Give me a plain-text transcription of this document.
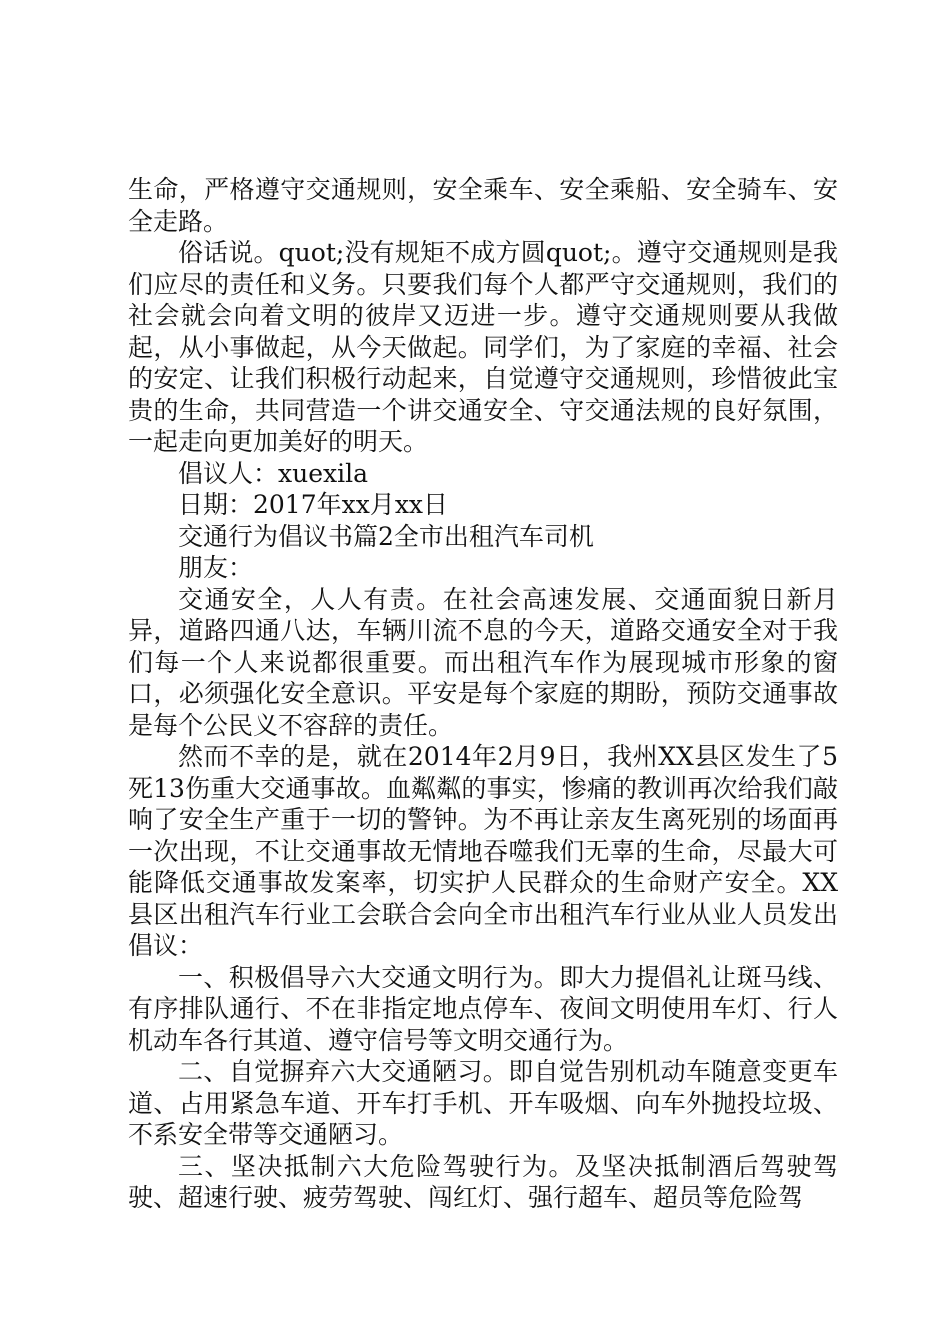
生命，严格遵守交通规则，安全乘车、安全乘船、安全骑车、安全走路。

俗话说。quot;没有规矩不成方圆quot;。遵守交通规则是我们应尽的责任和义务。只要我们每个人都严守交通规则，我们的社会就会向着文明的彼岸又迈进一步。遵守交通规则要从我做起，从小事做起，从今天做起。同学们，为了家庭的幸福、社会的安定、让我们积极行动起来，自觉遵守交通规则，珍惜彼此宝贵的生命，共同营造一个讲交通安全、守交通法规的良好氛围，一起走向更加美好的明天。

倡议人：xuexila

日期：2017年xx月xx日

交通行为倡议书篇2全市出租汽车司机

朋友：

交通安全，人人有责。在社会高速发展、交通面貌日新月异，道路四通八达，车辆川流不息的今天，道路交通安全对于我们每一个人来说都很重要。而出租汽车作为展现城市形象的窗口，必须强化安全意识。平安是每个家庭的期盼，预防交通事故是每个公民义不容辞的责任。

然而不幸的是，就在2014年2月9日，我州XX县区发生了5死13伤重大交通事故。血粼粼的事实，惨痛的教训再次给我们敲响了安全生产重于一切的警钟。为不再让亲友生离死别的场面再一次出现，不让交通事故无情地吞噬我们无辜的生命，尽最大可能降低交通事故发案率，切实护人民群众的生命财产安全。XX县区出租汽车行业工会联合会向全市出租汽车行业从业人员发出倡议：

一、积极倡导六大交通文明行为。即大力提倡礼让斑马线、有序排队通行、不在非指定地点停车、夜间文明使用车灯、行人机动车各行其道、遵守信号等文明交通行为。

二、自觉摒弃六大交通陋习。即自觉告别机动车随意变更车道、占用紧急车道、开车打手机、开车吸烟、向车外抛投垃圾、不系安全带等交通陋习。

三、坚决抵制六大危险驾驶行为。及坚决抵制酒后驾驶驾驶、超速行驶、疲劳驾驶、闯红灯、强行超车、超员等危险驾
